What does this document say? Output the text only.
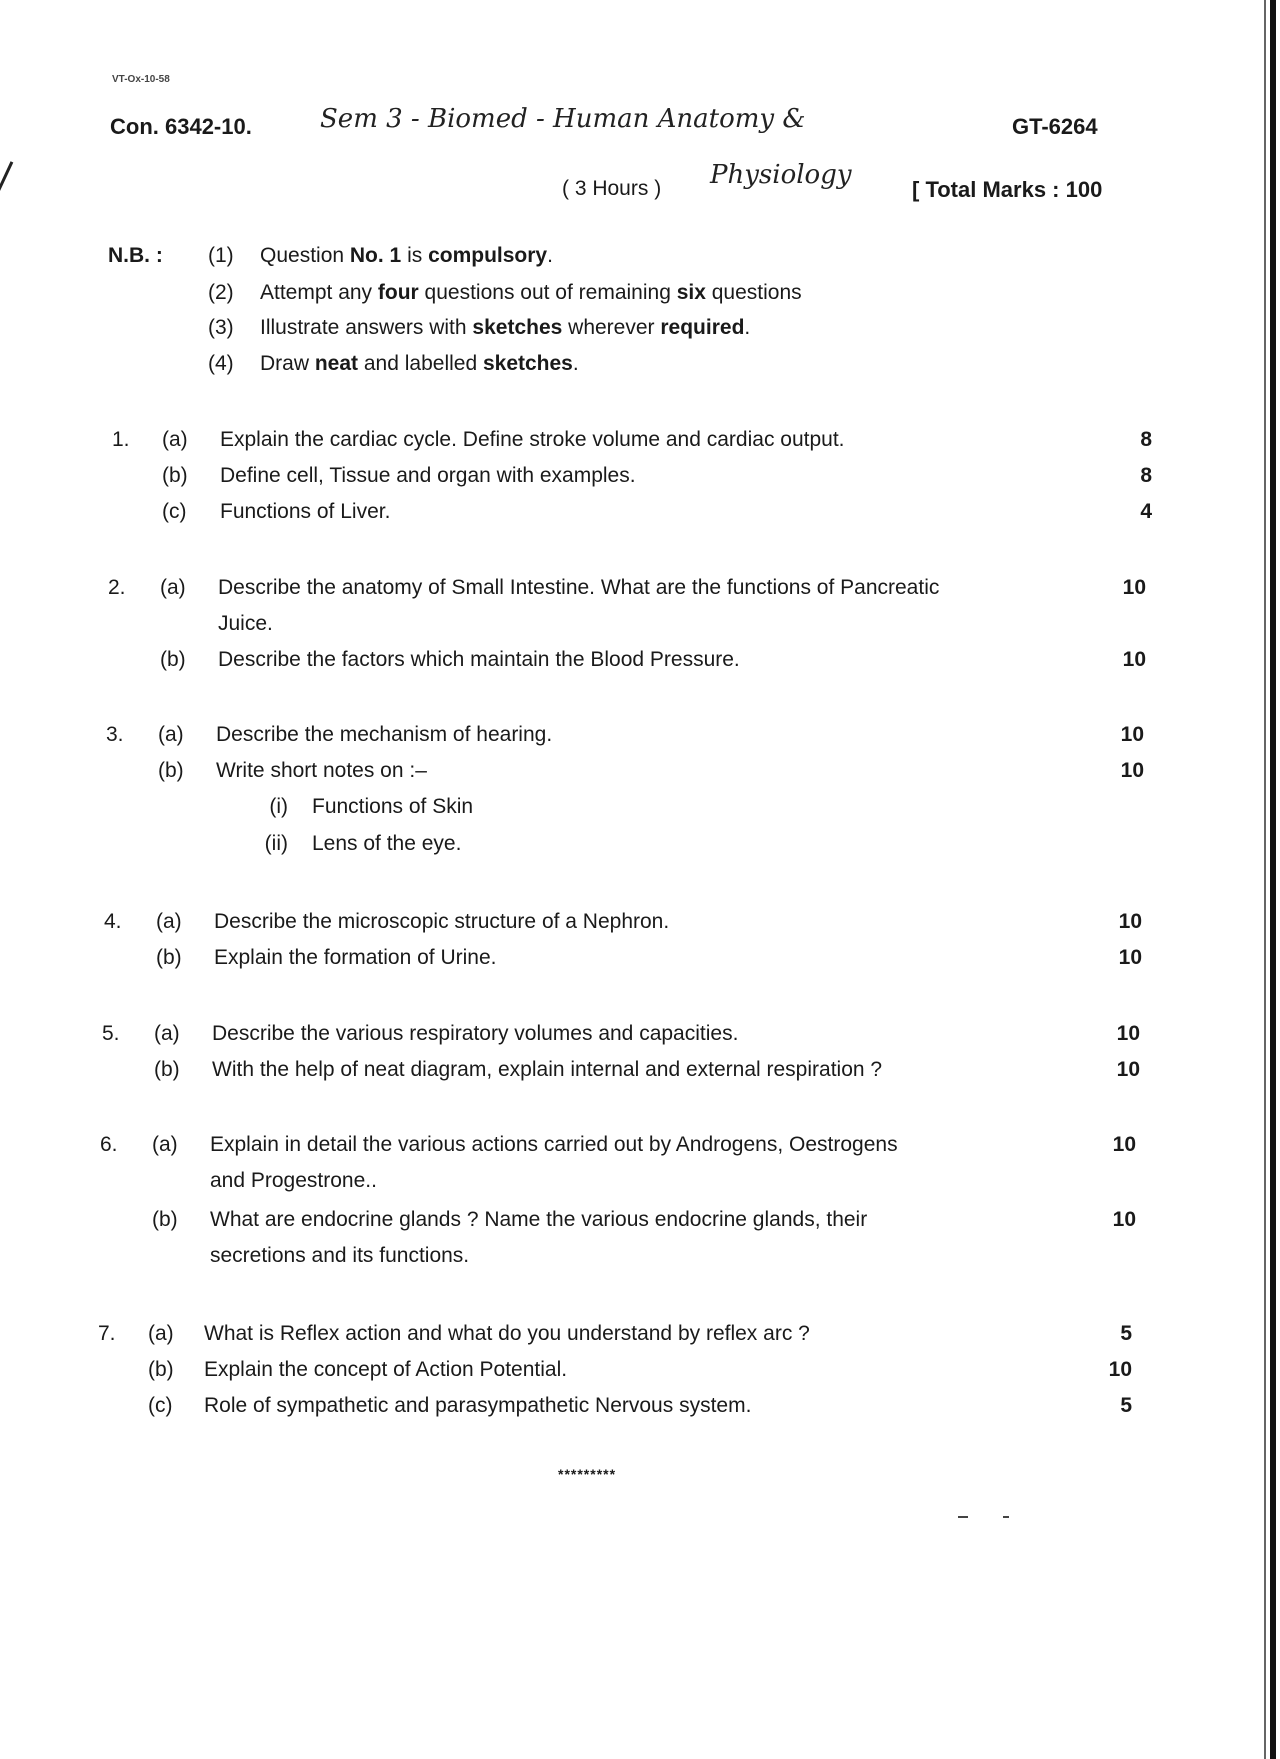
VT-Ox-10-58
Con. 6342-10.	Sem 3 - Biomed - Human Anatomy &	GT-6264
( 3 Hours ) Physiology	[ Total Marks : 100
N.B. : (1) Question No. 1 is compulsory.
(2) Attempt any four questions out of remaining six questions
(3) Illustrate answers with sketches wherever required.
(4) Draw neat and labelled sketches.
1. (a) Explain the cardiac cycle. Define stroke volume and cardiac output.	8
(b) Define cell, Tissue and organ with examples.	8
(c) Functions of Liver.	4
2. (a) Describe the anatomy of Small Intestine. What are the functions of Pancreatic	10
Juice.
(b) Describe the factors which maintain the Blood Pressure.	10
3. (a) Describe the mechanism of hearing.	10
(b) Write short notes on :–	10
(i) Functions of Skin
(ii) Lens of the eye.
4. (a) Describe the microscopic structure of a Nephron.	10
(b) Explain the formation of Urine.	10
5. (a) Describe the various respiratory volumes and capacities.	10
(b) With the help of neat diagram, explain internal and external respiration ?	10
6. (a) Explain in detail the various actions carried out by Androgens, Oestrogens	10
and Progestrone..
(b) What are endocrine glands ? Name the various endocrine glands, their	10
secretions and its functions.
7. (a) What is Reflex action and what do you understand by reflex arc ?	5
(b) Explain the concept of Action Potential.	10
(c) Role of sympathetic and parasympathetic Nervous system.	5
*********
